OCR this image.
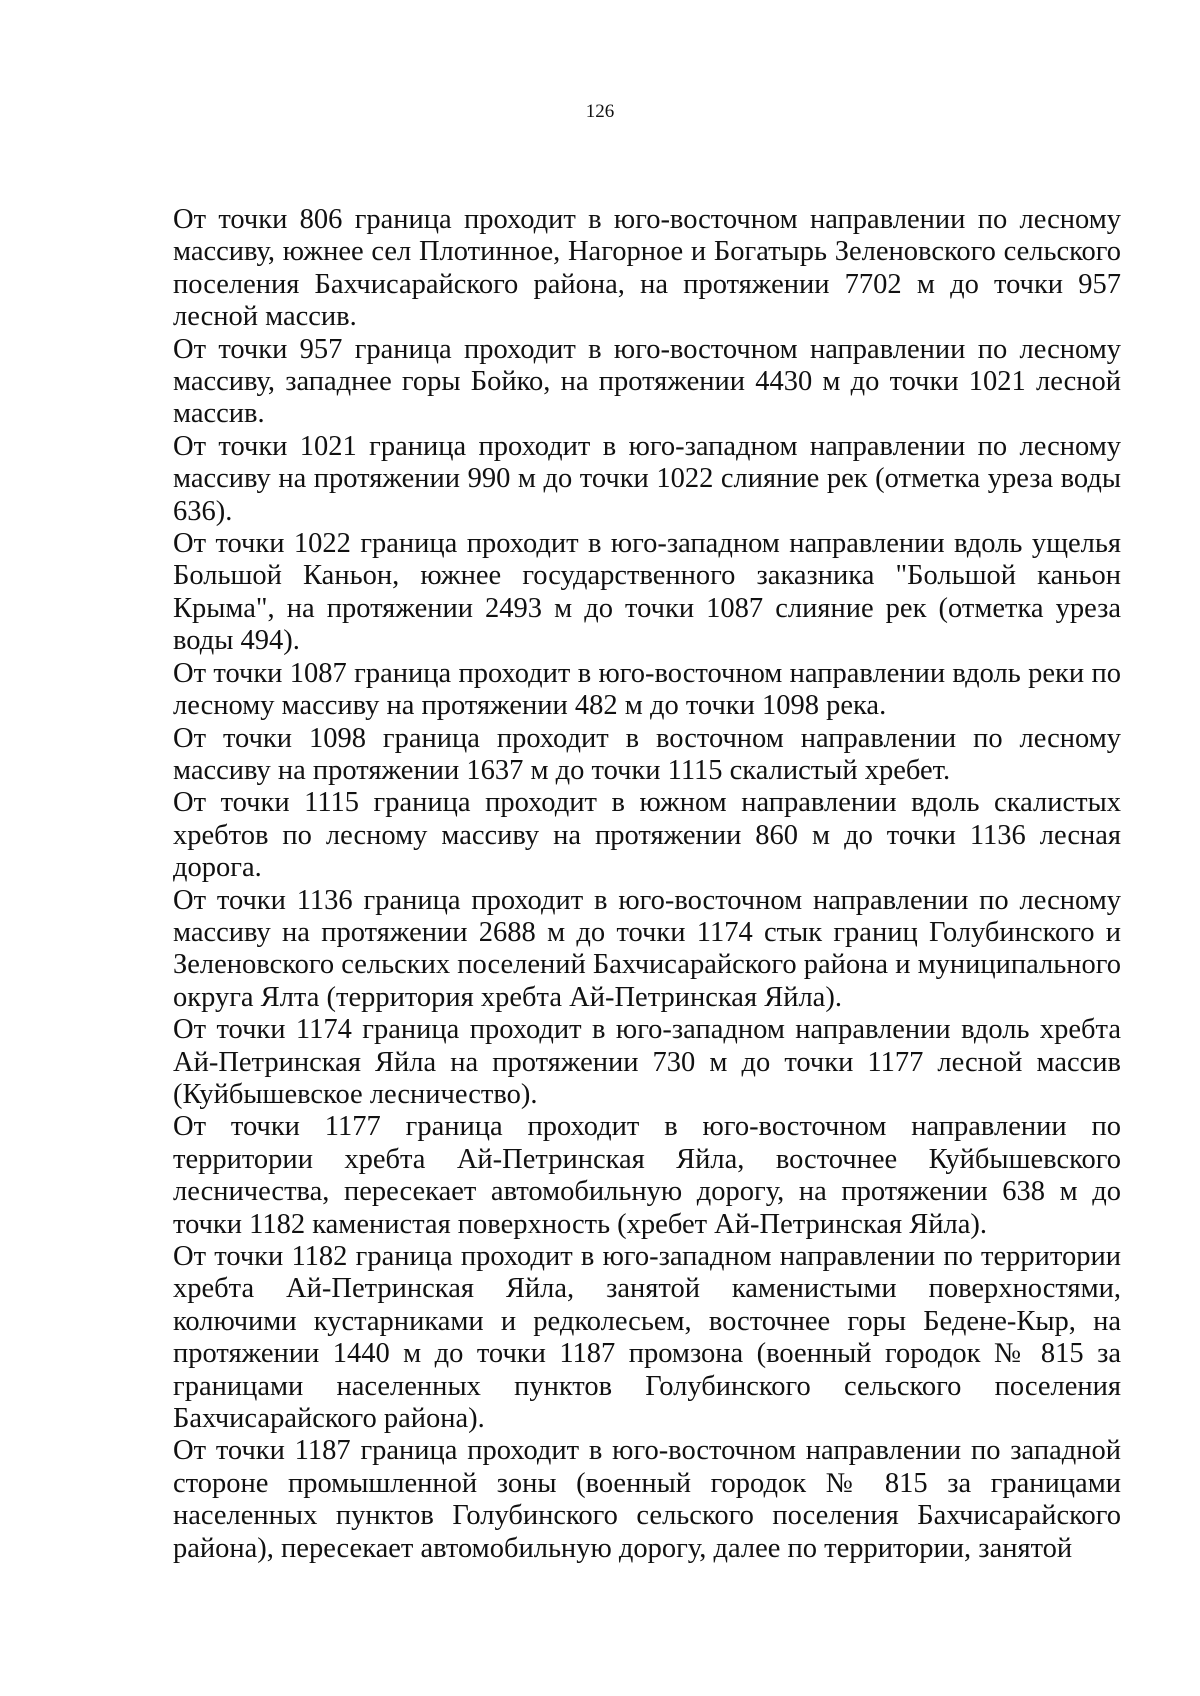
126

От точки 806 граница проходит в юго-восточном направлении по лесному массиву, южнее сел Плотинное, Нагорное и Богатырь Зеленовского сельского поселения Бахчисарайского района, на протяжении 7702 м до точки 957 лесной массив.

От точки 957 граница проходит в юго-восточном направлении по лесному массиву, западнее горы Бойко, на протяжении 4430 м до точки 1021 лесной массив.

От точки 1021 граница проходит в юго-западном направлении по лесному массиву на протяжении 990 м до точки 1022 слияние рек (отметка уреза воды 636).

От точки 1022 граница проходит в юго-западном направлении вдоль ущелья Большой Каньон, южнее государственного заказника "Большой каньон Крыма", на протяжении 2493 м до точки 1087 слияние рек (отметка уреза воды 494).

От точки 1087 граница проходит в юго-восточном направлении вдоль реки по лесному массиву на протяжении 482 м до точки 1098 река.

От точки 1098 граница проходит в восточном направлении по лесному массиву на протяжении 1637 м до точки 1115 скалистый хребет.

От точки 1115 граница проходит в южном направлении вдоль скалистых хребтов по лесному массиву на протяжении 860 м до точки 1136 лесная дорога.

От точки 1136 граница проходит в юго-восточном направлении по лесному массиву на протяжении 2688 м до точки 1174 стык границ Голубинского и Зеленовского сельских поселений Бахчисарайского района и муниципального округа Ялта (территория хребта Ай-Петринская Яйла).

От точки 1174 граница проходит в юго-западном направлении вдоль хребта Ай-Петринская Яйла на протяжении 730 м до точки 1177 лесной массив (Куйбышевское лесничество).

От точки 1177 граница проходит в юго-восточном направлении по территории хребта Ай-Петринская Яйла, восточнее Куйбышевского лесничества, пересекает автомобильную дорогу, на протяжении 638 м до точки 1182 каменистая поверхность (хребет Ай-Петринская Яйла).

От точки 1182 граница проходит в юго-западном направлении по территории хребта Ай-Петринская Яйла, занятой каменистыми поверхностями, колючими кустарниками и редколесьем, восточнее горы Бедене-Кыр, на протяжении 1440 м до точки 1187 промзона (военный городок № 815 за границами населенных пунктов Голубинского сельского поселения Бахчисарайского района).

От точки 1187 граница проходит в юго-восточном направлении по западной стороне промышленной зоны (военный городок № 815 за границами населенных пунктов Голубинского сельского поселения Бахчисарайского района), пересекает автомобильную дорогу, далее по территории, занятой
